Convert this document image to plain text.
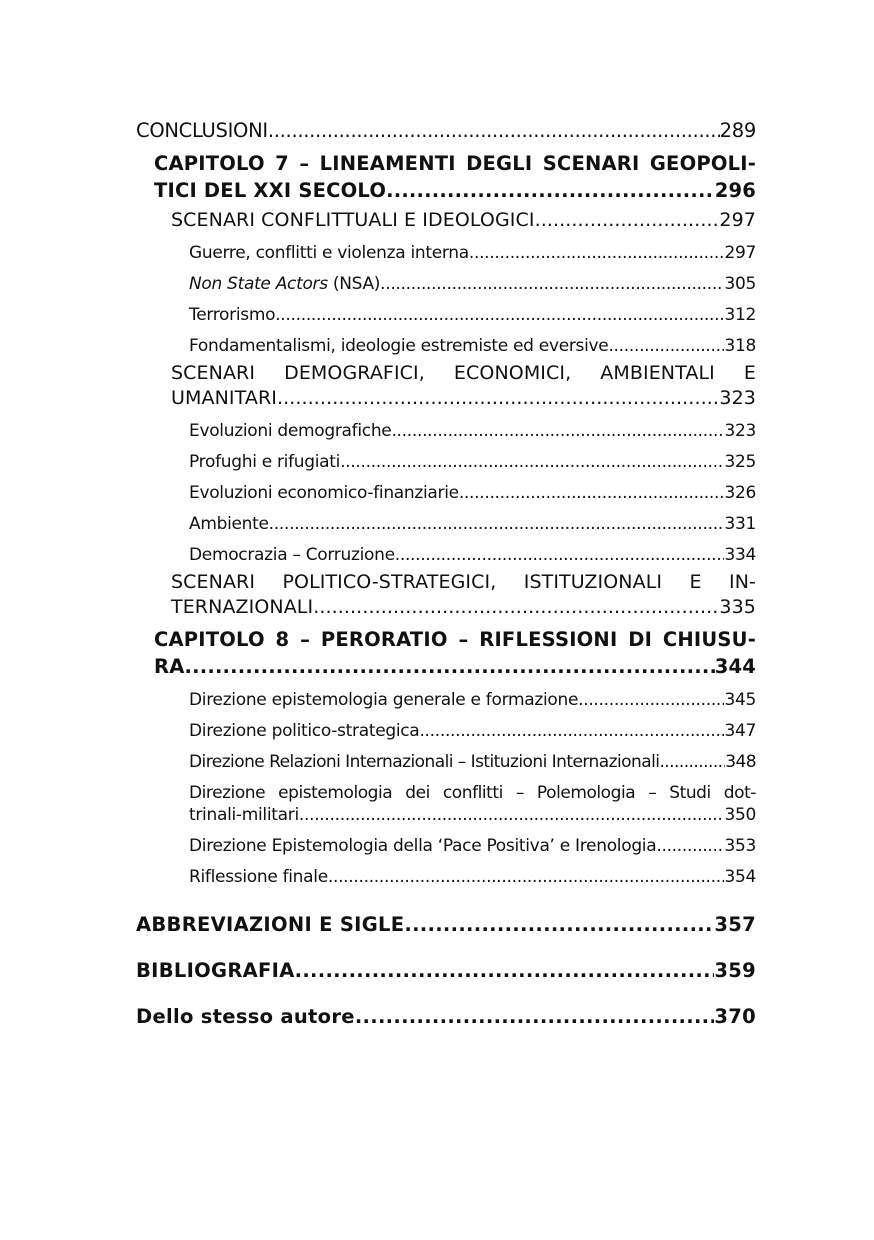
CONCLUSIONI .....	289
CAPITOLO 7 – LINEAMENTI DEGLI SCENARI GEOPOLI-
TICI DEL XXI SECOLO .....	296
SCENARI CONFLITTUALI E IDEOLOGICI .....	297
Guerre, conflitti e violenza interna .....	297
Non State Actors (NSA) .....	305
Terrorismo .....	312
Fondamentalismi, ideologie estremiste ed eversive .....	318
SCENARI DEMOGRAFICI, ECONOMICI, AMBIENTALI E
UMANITARI .....	323
Evoluzioni demografiche .....	323
Profughi e rifugiati .....	325
Evoluzioni economico-finanziarie .....	326
Ambiente .....	331
Democrazia – Corruzione .....	334
SCENARI POLITICO-STRATEGICI, ISTITUZIONALI E IN-
TERNAZIONALI .....	335
CAPITOLO 8 – PERORATIO – RIFLESSIONI DI CHIUSU-
RA .....	344
Direzione epistemologia generale e formazione .....	345
Direzione politico-strategica .....	347
Direzione Relazioni Internazionali – Istituzioni Internazionali .....	348
Direzione epistemologia dei conflitti – Polemologia – Studi dot-
trinali-militari .....	350
Direzione Epistemologia della ‘Pace Positiva’ e Irenologia .....	353
Riflessione finale .....	354
ABBREVIAZIONI E SIGLE .....	357
BIBLIOGRAFIA .....	359
Dello stesso autore .....	370
